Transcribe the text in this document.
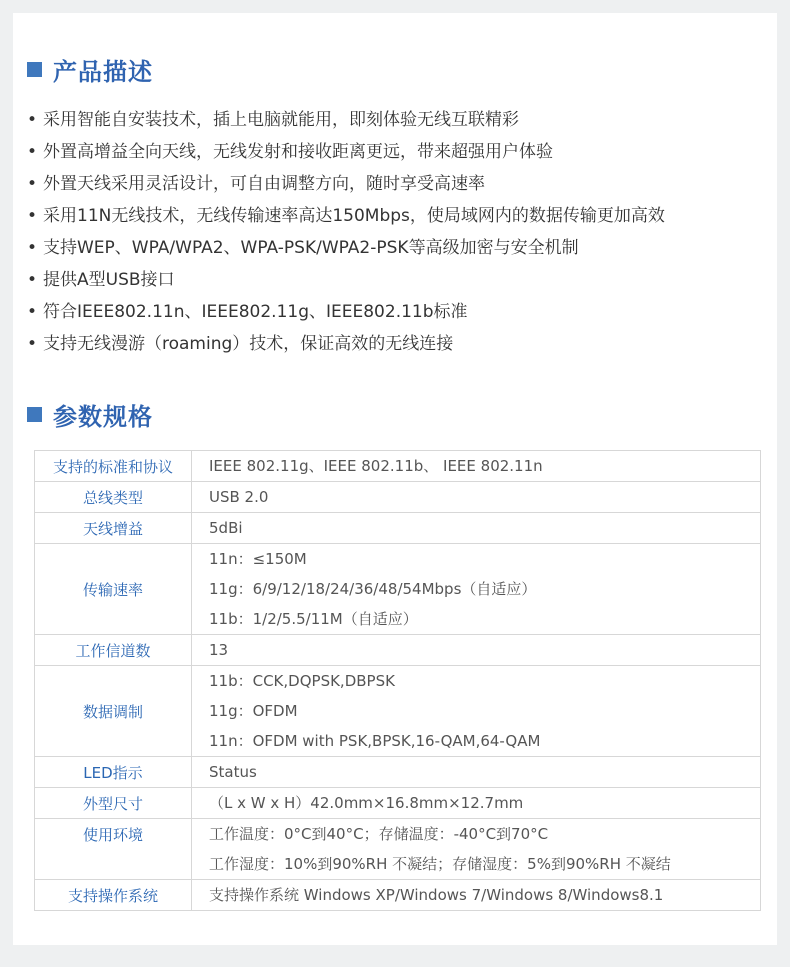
产品描述
• 采用智能自安装技术，插上电脑就能用，即刻体验无线互联精彩
• 外置高增益全向天线，无线发射和接收距离更远，带来超强用户体验
• 外置天线采用灵活设计，可自由调整方向，随时享受高速率
• 采用11N无线技术，无线传输速率高达150Mbps，使局域网内的数据传输更加高效
• 支持WEP、WPA/WPA2、WPA-PSK/WPA2-PSK等高级加密与安全机制
• 提供A型USB接口
• 符合IEEE802.11n、IEEE802.11g、IEEE802.11b标准
• 支持无线漫游（roaming）技术，保证高效的无线连接
参数规格
支持的标准和协议	IEEE 802.11g、IEEE 802.11b、 IEEE 802.11n

总线类型	USB 2.0

天线增益	5dBi

传输速率	11n：≤150M
11g：6/9/12/18/24/36/48/54Mbps（自适应）
11b：1/2/5.5/11M（自适应）

工作信道数	13

数据调制	11b：CCK,DQPSK,DBPSK
11g：OFDM
11n：OFDM with PSK,BPSK,16-QAM,64-QAM

LED指示	Status

外型尺寸	（L x W x H）42.0mm×16.8mm×12.7mm

使用环境	工作温度：0°C到40°C；存储温度：-40°C到70°C
工作湿度：10%到90%RH 不凝结；存储湿度：5%到90%RH 不凝结

支持操作系统	支持操作系统 Windows XP/Windows 7/Windows 8/Windows8.1
